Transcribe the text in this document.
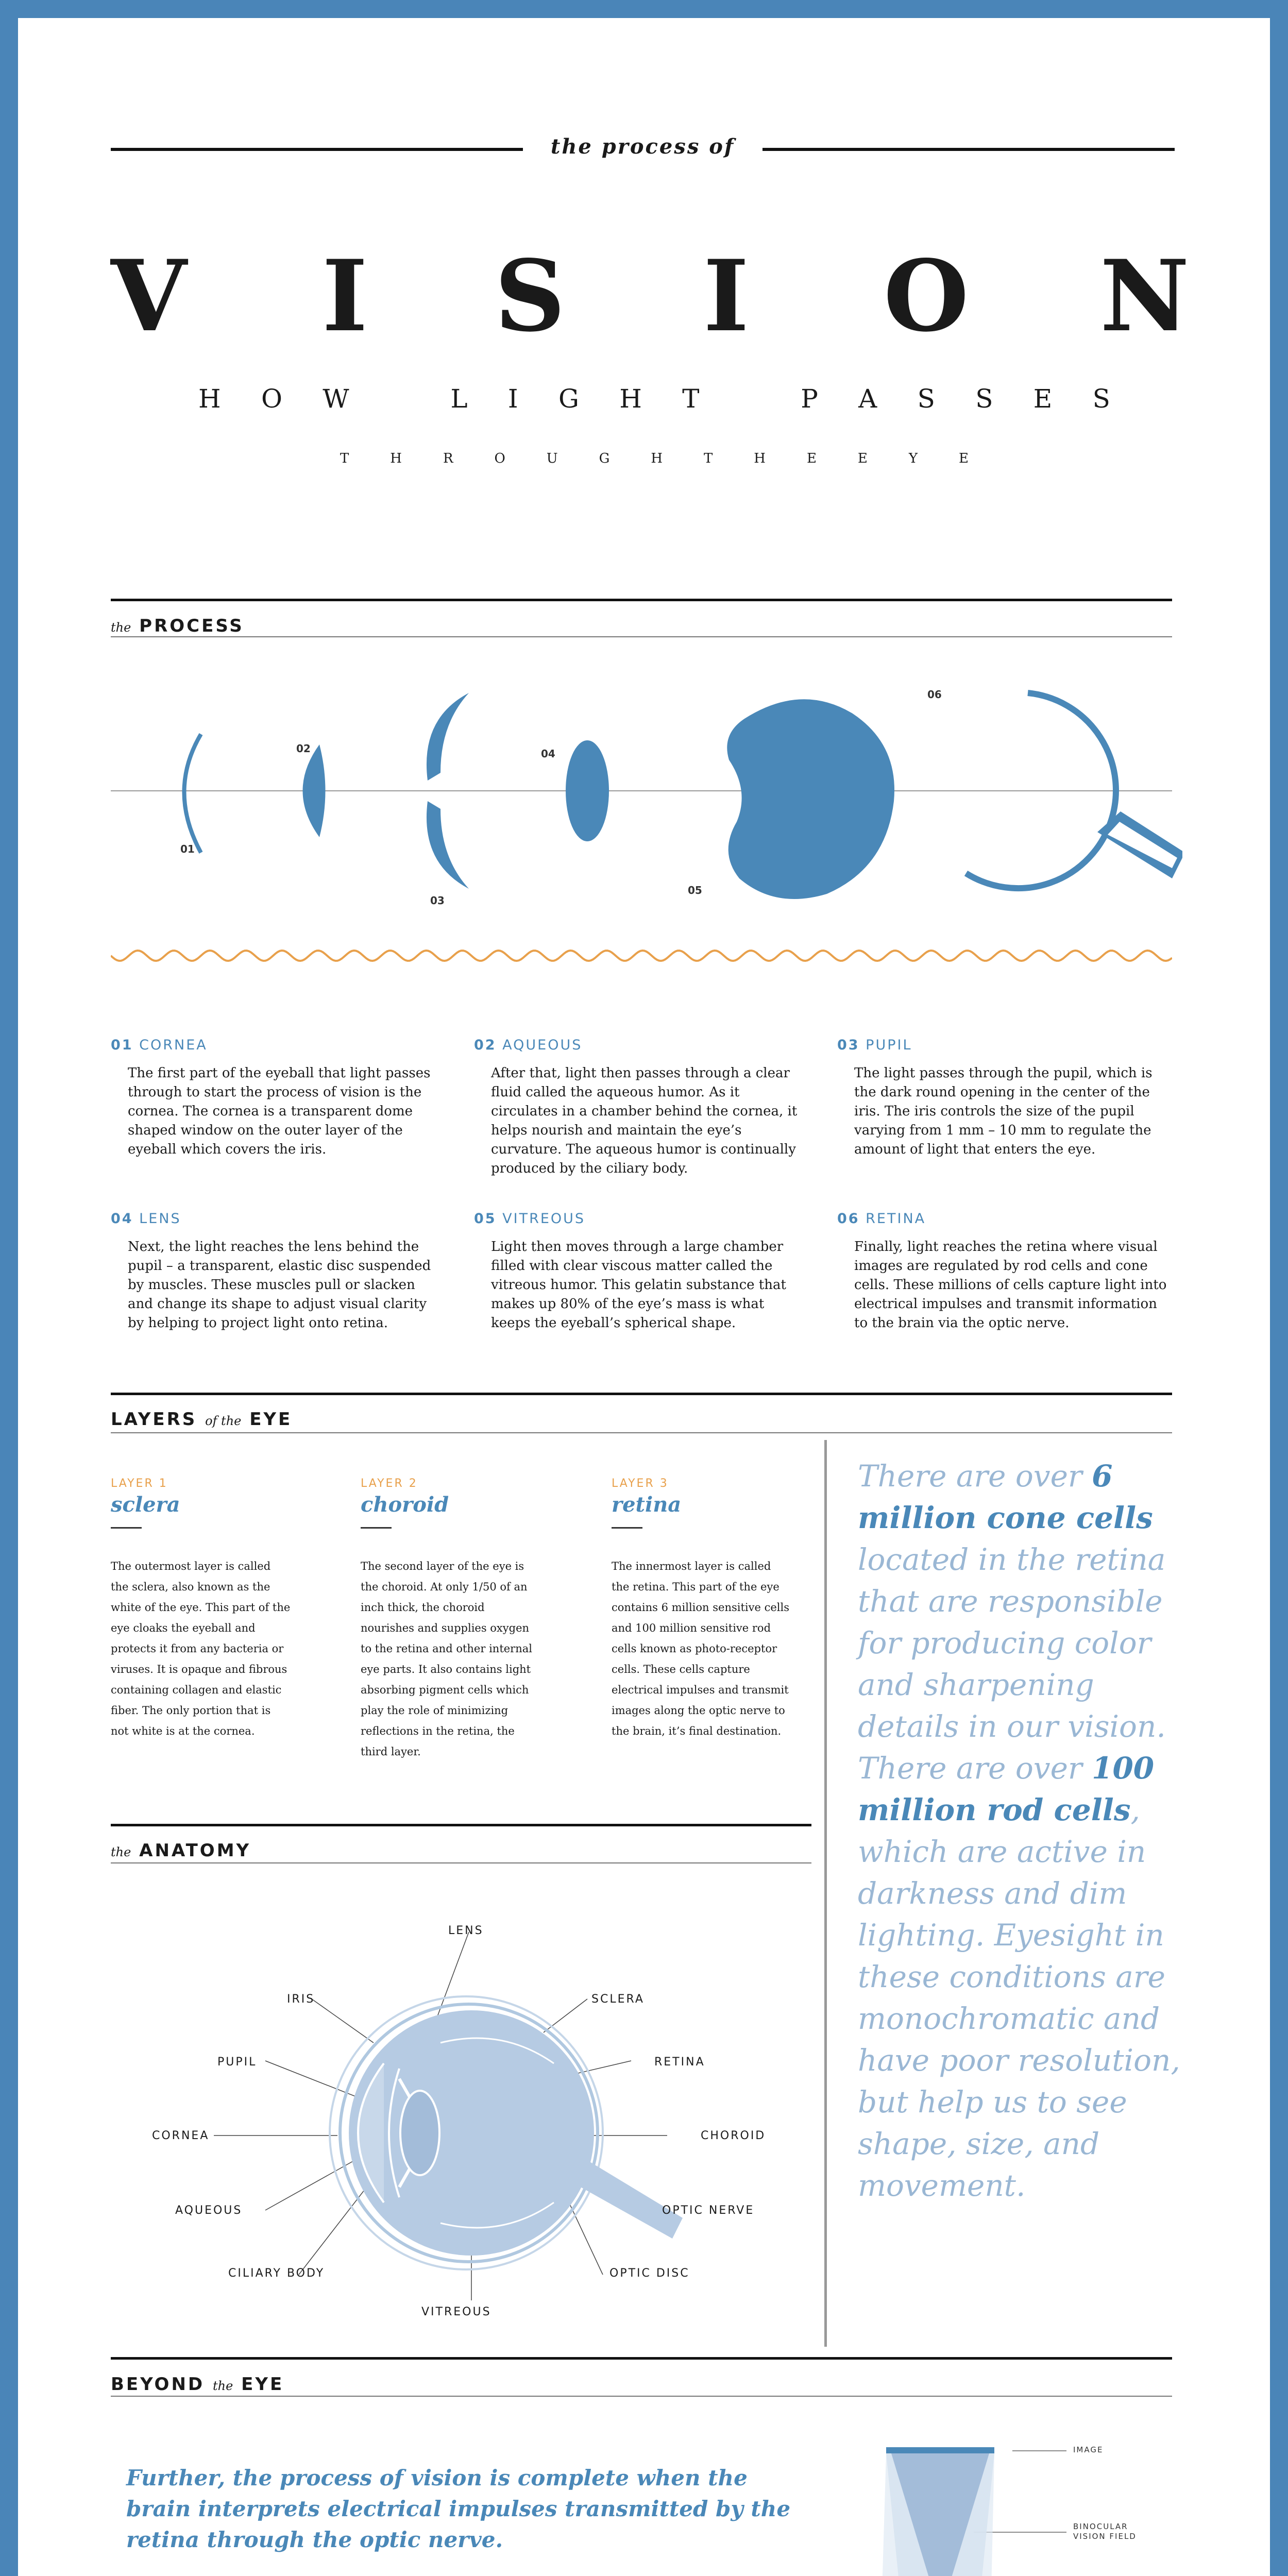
the process of
V I S I O N
H O W	L I G H T	P A S S E S
T	H	R	O	U	G	H	T	H	E	E	Y	E
the PROCESS
01
02
03
04
05
06
01 CORNEA
The first part of the eyeball that light passes through to start the process of vision is the cornea. The cornea is a transparent dome shaped window on the outer layer of the eyeball which covers the iris.
02 AQUEOUS
After that, light then passes through a clear fluid called the aqueous humor. As it circulates in a chamber behind the cornea, it helps nourish and maintain the eye’s curvature. The aqueous humor is continually produced by the ciliary body.
03 PUPIL
The light passes through the pupil, which is the dark round opening in the center of the iris. The iris controls the size of the pupil varying from 1 mm – 10 mm to regulate the amount of light that enters the eye.
04 LENS
Next, the light reaches the lens behind the pupil – a transparent, elastic disc suspended by muscles. These muscles pull or slacken and change its shape to adjust visual clarity by helping to project light onto retina.
05 VITREOUS
Light then moves through a large chamber filled with clear viscous matter called the vitreous humor. This gelatin substance that makes up 80% of the eye’s mass is what keeps the eyeball’s spherical shape.
06 RETINA
Finally, light reaches the retina where visual images are regulated by rod cells and cone cells. These millions of cells capture light into electrical impulses and transmit information to the brain via the optic nerve.
LAYERS of the EYE
LAYER 1
sclera
The outermost layer is called the sclera, also known as the white of the eye. This part of the eye cloaks the eyeball and protects it from any bacteria or viruses. It is opaque and fibrous containing collagen and elastic fiber. The only portion that is not white is at the cornea.
LAYER 2
choroid
The second layer of the eye is the choroid. At only 1/50 of an inch thick, the choroid nourishes and supplies oxygen to the retina and other internal eye parts. It also contains light absorbing pigment cells which play the role of minimizing reflections in the retina, the third layer.
LAYER 3
retina
The innermost layer is called the retina. This part of the eye contains 6 million sensitive cells and 100 million sensitive rod cells known as photo-receptor cells. These cells capture electrical impulses and transmit images along the optic nerve to the brain, it’s final destination.
There are over 6 million cone cells located in the retina that are responsible for producing color and sharpening details in our vision. There are over 100 million rod cells, which are active in darkness and dim lighting. Eyesight in these conditions are monochromatic and have poor resolution, but help us to see shape, size, and movement.
the ANATOMY
LENS
IRIS	SCLERA
PUPIL	RETINA
CORNEA	CHOROID
AQUEOUS	OPTIC NERVE
CILIARY BODY	OPTIC DISC
VITREOUS
BEYOND the EYE
Further, the process of vision is complete when the brain interprets electrical impulses transmitted by the retina through the optic nerve.
IMAGE
BINOCULAR VISION FIELD
